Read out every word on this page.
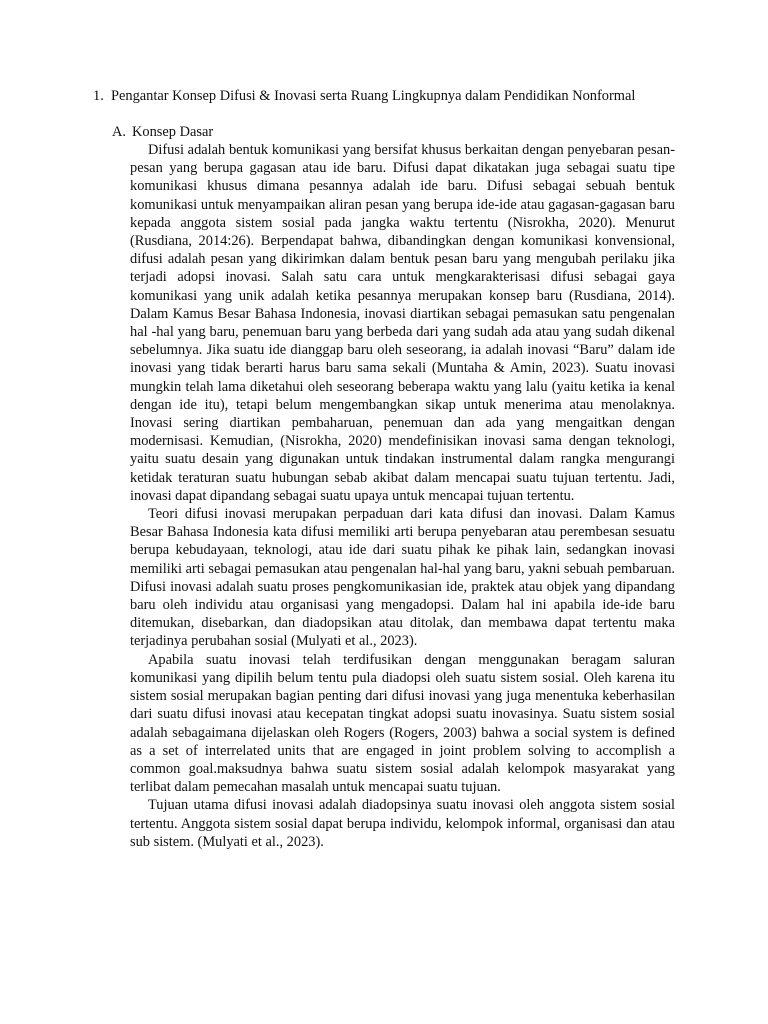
1. Pengantar Konsep Difusi & Inovasi serta Ruang Lingkupnya dalam Pendidikan Nonformal
A. Konsep Dasar

Difusi adalah bentuk komunikasi yang bersifat khusus berkaitan dengan penyebaran pesan-pesan yang berupa gagasan atau ide baru. Difusi dapat dikatakan juga sebagai suatu tipe komunikasi khusus dimana pesannya adalah ide baru. Difusi sebagai sebuah bentuk komunikasi untuk menyampaikan aliran pesan yang berupa ide-ide atau gagasan-gagasan baru kepada anggota sistem sosial pada jangka waktu tertentu (Nisrokha, 2020). Menurut (Rusdiana, 2014:26). Berpendapat bahwa, dibandingkan dengan komunikasi konvensional, difusi adalah pesan yang dikirimkan dalam bentuk pesan baru yang mengubah perilaku jika terjadi adopsi inovasi. Salah satu cara untuk mengkarakterisasi difusi sebagai gaya komunikasi yang unik adalah ketika pesannya merupakan konsep baru (Rusdiana, 2014). Dalam Kamus Besar Bahasa Indonesia, inovasi diartikan sebagai pemasukan satu pengenalan hal -hal yang baru, penemuan baru yang berbeda dari yang sudah ada atau yang sudah dikenal sebelumnya. Jika suatu ide dianggap baru oleh seseorang, ia adalah inovasi “Baru” dalam ide inovasi yang tidak berarti harus baru sama sekali (Muntaha & Amin, 2023). Suatu inovasi mungkin telah lama diketahui oleh seseorang beberapa waktu yang lalu (yaitu ketika ia kenal dengan ide itu), tetapi belum mengembangkan sikap untuk menerima atau menolaknya. Inovasi sering diartikan pembaharuan, penemuan dan ada yang mengaitkan dengan modernisasi. Kemudian, (Nisrokha, 2020) mendefinisikan inovasi sama dengan teknologi, yaitu suatu desain yang digunakan untuk tindakan instrumental dalam rangka mengurangi ketidak teraturan suatu hubungan sebab akibat dalam mencapai suatu tujuan tertentu. Jadi, inovasi dapat dipandang sebagai suatu upaya untuk mencapai tujuan tertentu.

Teori difusi inovasi merupakan perpaduan dari kata difusi dan inovasi. Dalam Kamus Besar Bahasa Indonesia kata difusi memiliki arti berupa penyebaran atau perembesan sesuatu berupa kebudayaan, teknologi, atau ide dari suatu pihak ke pihak lain, sedangkan inovasi memiliki arti sebagai pemasukan atau pengenalan hal-hal yang baru, yakni sebuah pembaruan. Difusi inovasi adalah suatu proses pengkomunikasian ide, praktek atau objek yang dipandang baru oleh individu atau organisasi yang mengadopsi. Dalam hal ini apabila ide-ide baru ditemukan, disebarkan, dan diadopsikan atau ditolak, dan membawa dapat tertentu maka terjadinya perubahan sosial (Mulyati et al., 2023).

Apabila suatu inovasi telah terdifusikan dengan menggunakan beragam saluran komunikasi yang dipilih belum tentu pula diadopsi oleh suatu sistem sosial. Oleh karena itu sistem sosial merupakan bagian penting dari difusi inovasi yang juga menentuka keberhasilan dari suatu difusi inovasi atau kecepatan tingkat adopsi suatu inovasinya. Suatu sistem sosial adalah sebagaimana dijelaskan oleh Rogers (Rogers, 2003) bahwa a social system is defined as a set of interrelated units that are engaged in joint problem solving to accomplish a common goal.maksudnya bahwa suatu sistem sosial adalah kelompok masyarakat yang terlibat dalam pemecahan masalah untuk mencapai suatu tujuan.

Tujuan utama difusi inovasi adalah diadopsinya suatu inovasi oleh anggota sistem sosial tertentu. Anggota sistem sosial dapat berupa individu, kelompok informal, organisasi dan atau sub sistem. (Mulyati et al., 2023).
